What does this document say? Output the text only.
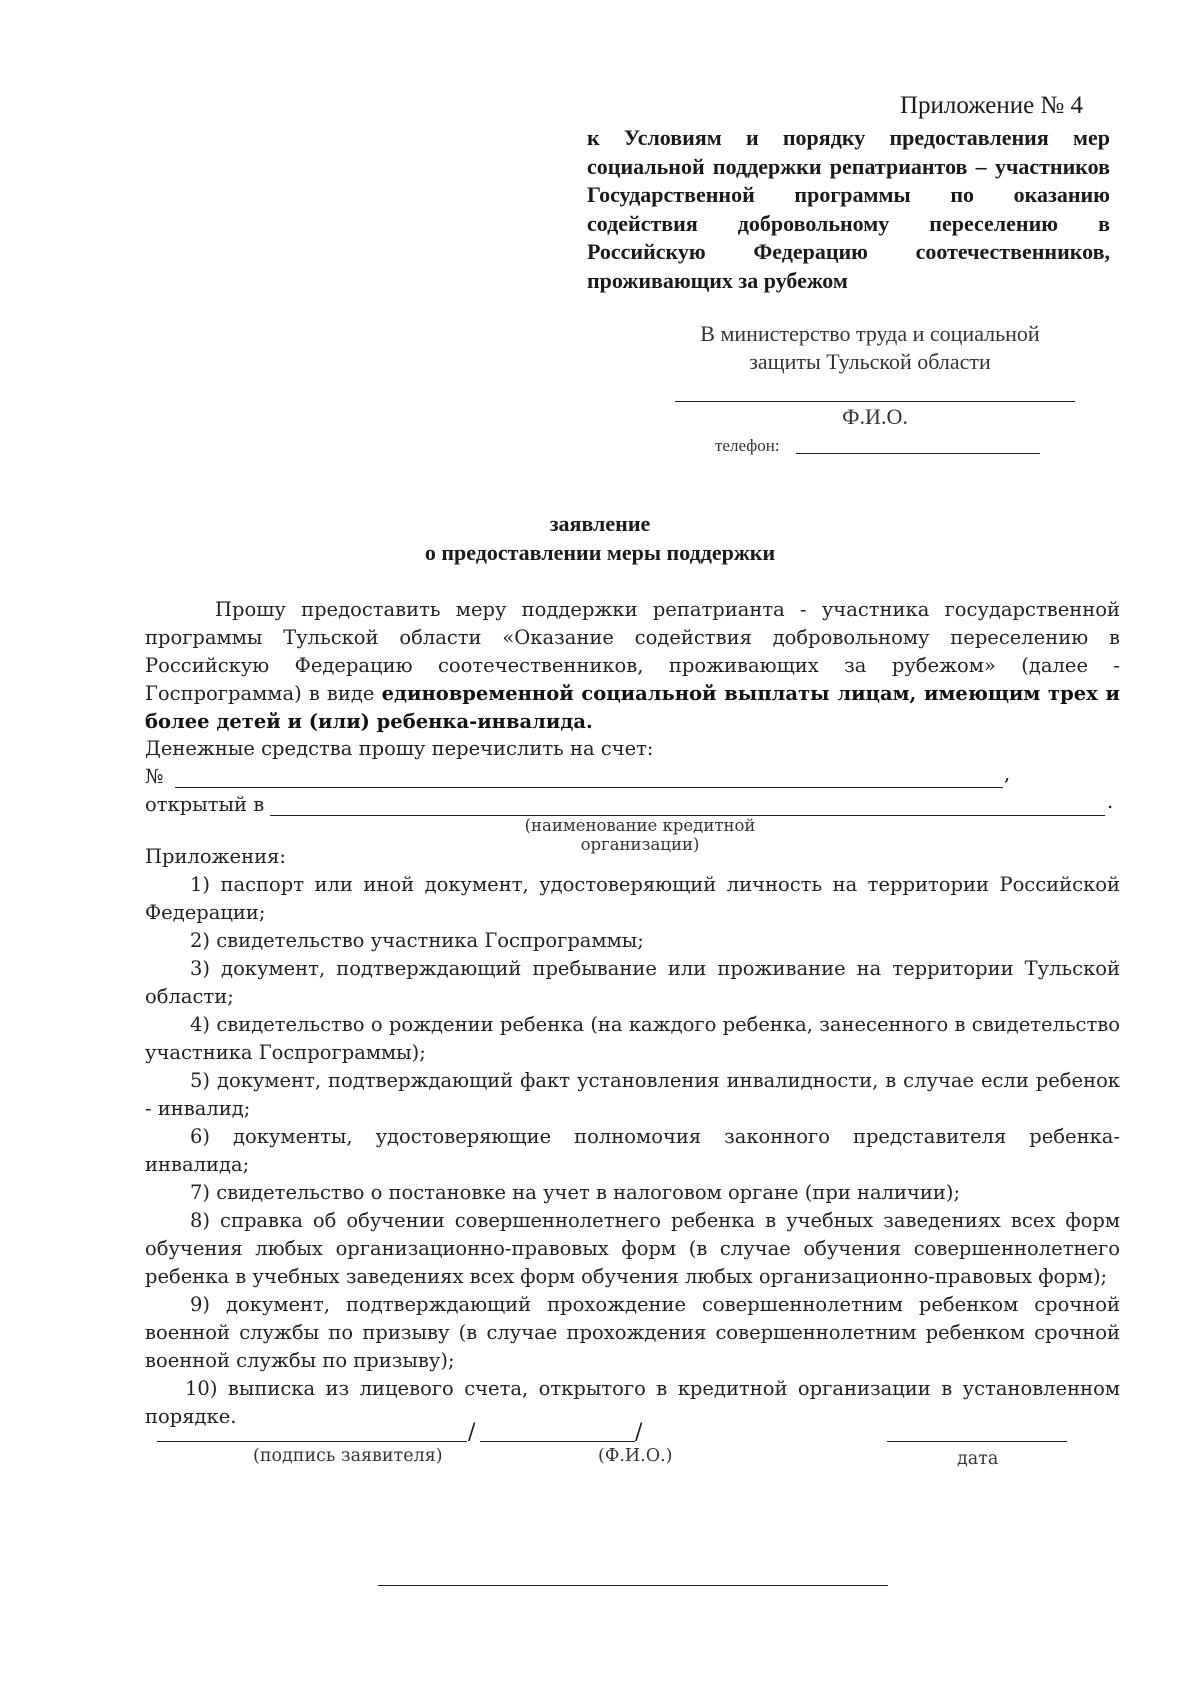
Приложение № 4
к Условиям и порядку предоставления мер социальной поддержки репатриантов – участников Государственной программы по оказанию содействия добровольному переселению в Российскую Федерацию соотечественников, проживающих за рубежом
В министерство труда и социальной
защиты Тульской области
Ф.И.О.
телефон:
заявление
о предоставлении меры поддержки
Прошу предоставить меру поддержки репатрианта - участника государственной программы Тульской области «Оказание содействия добровольному переселению в Российскую Федерацию соотечественников, проживающих за рубежом» (далее - Госпрограмма) в виде единовременной социальной выплаты лицам, имеющим трех и более детей и (или) ребенка-инвалида.
Денежные средства прошу перечислить на счет:
№	,
открытый в	.
(наименование кредитной организации)
Приложения:
1) паспорт или иной документ, удостоверяющий личность на территории Российской Федерации;
2) свидетельство участника Госпрограммы;
3) документ, подтверждающий пребывание или проживание на территории Тульской области;
4) свидетельство о рождении ребенка (на каждого ребенка, занесенного в свидетельство участника Госпрограммы);
5) документ, подтверждающий факт установления инвалидности, в случае если ребенок - инвалид;
6) документы, удостоверяющие полномочия законного представителя ребенка-инвалида;
7) свидетельство о постановке на учет в налоговом органе (при наличии);
8) справка об обучении совершеннолетнего ребенка в учебных заведениях всех форм обучения любых организационно-правовых форм (в случае обучения совершеннолетнего ребенка в учебных заведениях всех форм обучения любых организационно-правовых форм);
9) документ, подтверждающий прохождение совершеннолетним ребенком срочной военной службы по призыву (в случае прохождения совершеннолетним ребенком срочной военной службы по призыву);
10) выписка из лицевого счета, открытого в кредитной организации в установленном порядке.
/	/
(подпись заявителя)	(Ф.И.О.)	дата
